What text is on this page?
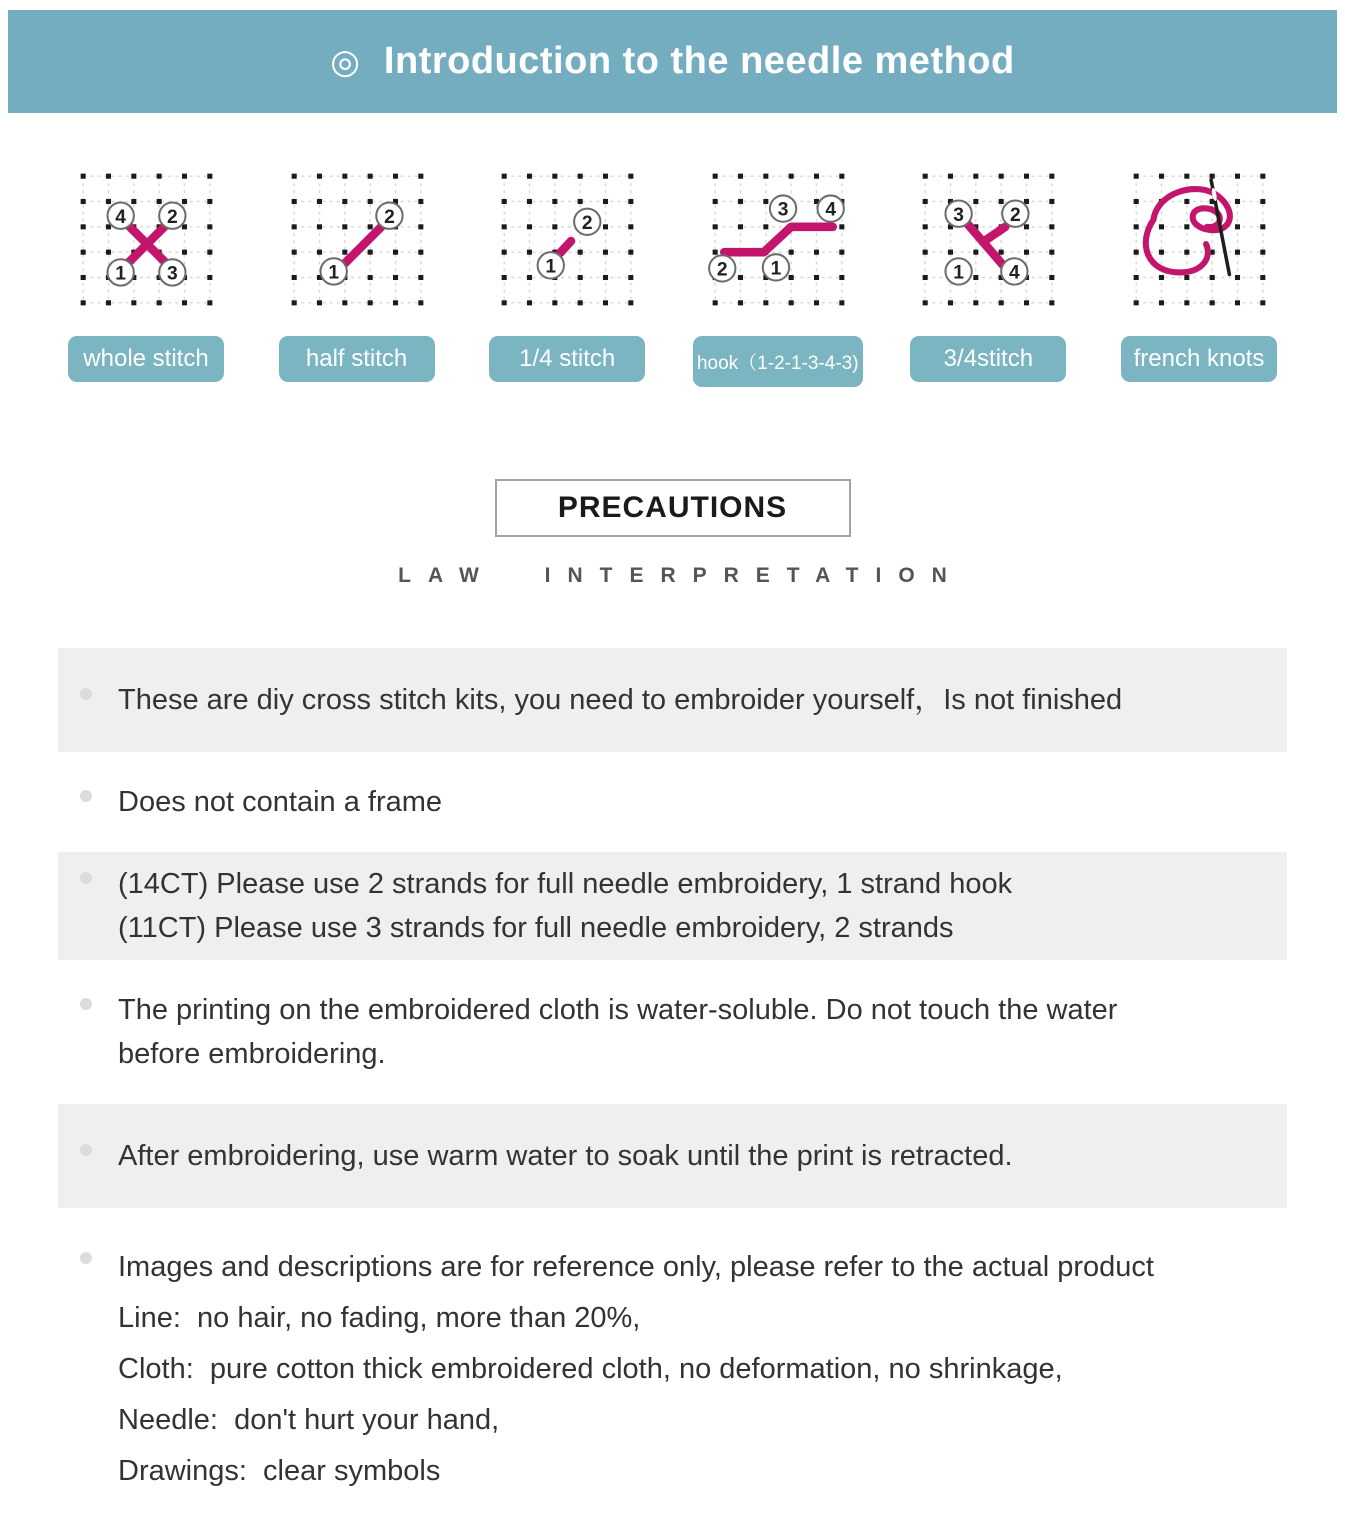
◎ Introduction to the needle method
4 2
1 3
whole stitch
1
2
half stitch
1
2
1/4 stitch
2 1
3 4
hook（1-2-1-3-4-3)
3 2
1 4
3/4stitch	french knots
PRECAUTIONS
LAW INTERPRETATION
These are diy cross stitch kits, you need to embroider yourself，Is not finished
Does not contain a frame
(14CT) Please use 2 strands for full needle embroidery, 1 strand hook
(11CT) Please use 3 strands for full needle embroidery, 2 strands
The printing on the embroidered cloth is water-soluble. Do not touch the water
before embroidering.
After embroidering, use warm water to soak until the print is retracted.
Images and descriptions are for reference only, please refer to the actual product
Line:  no hair, no fading, more than 20%,
Cloth:  pure cotton thick embroidered cloth, no deformation, no shrinkage,
Needle:  don't hurt your hand,
Drawings:  clear symbols
